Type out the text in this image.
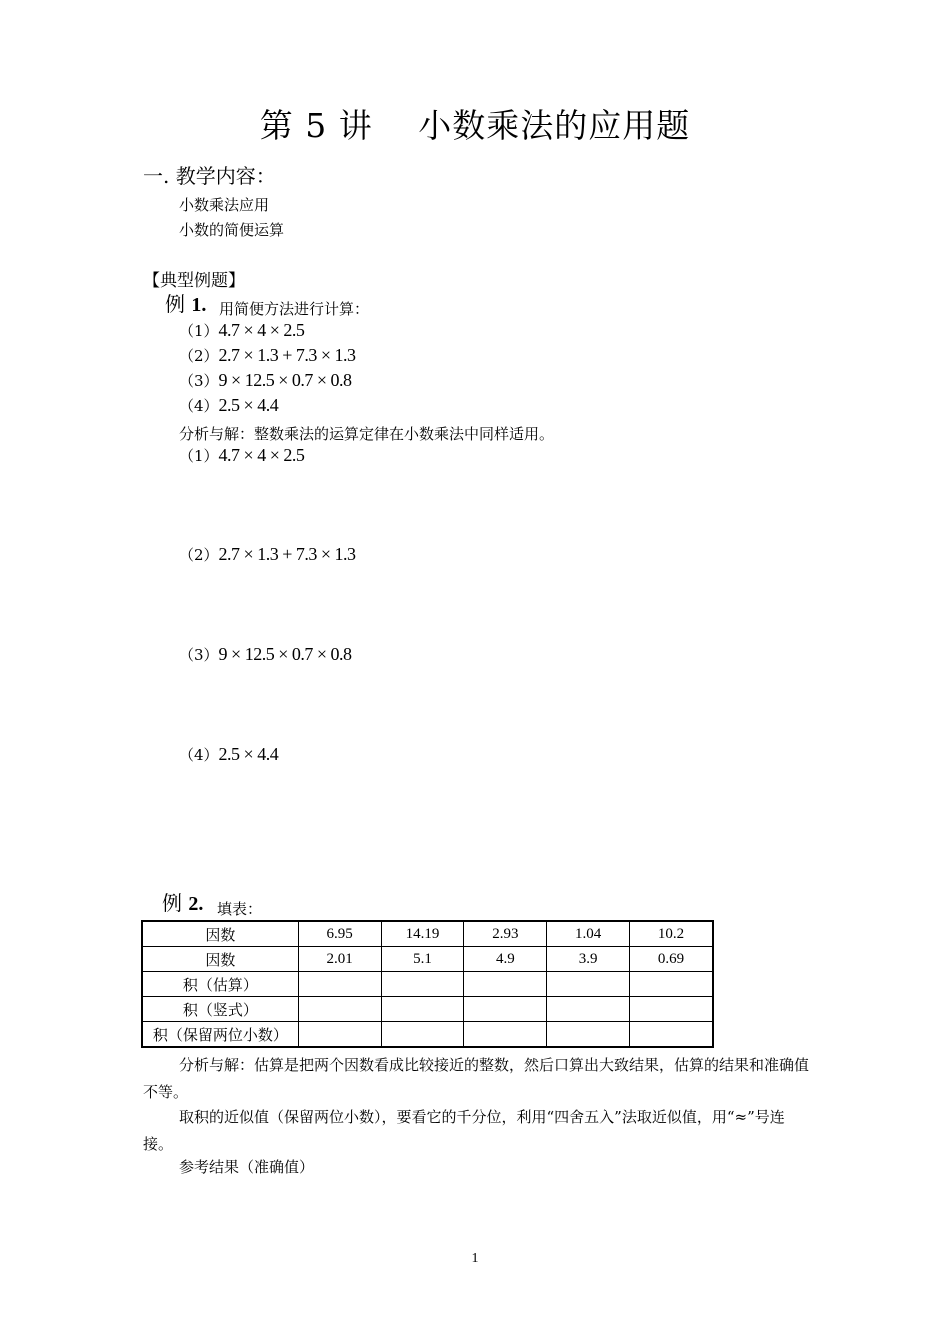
第 5 讲　 小数乘法的应用题
一. 教学内容：
小数乘法应用
小数的简便运算
【典型例题】
例 1. 用简便方法进行计算：
（1）4.7 × 4 × 2.5
（2）2.7 × 1.3 + 7.3 × 1.3
（3）9 × 12.5 × 0.7 × 0.8
（4）2.5 × 4.4
分析与解：整数乘法的运算定律在小数乘法中同样适用。
（1）4.7 × 4 × 2.5
（2）2.7 × 1.3 + 7.3 × 1.3
（3）9 × 12.5 × 0.7 × 0.8
（4）2.5 × 4.4
例 2. 填表：
因数	6.95	14.19	2.93	1.04	10.2
因数	2.01	5.1	4.9	3.9	0.69
积（估算）					
积（竖式）					
积（保留两位小数）					
分析与解：估算是把两个因数看成比较接近的整数，然后口算出大致结果，估算的结果和准确值不等。
取积的近似值（保留两位小数），要看它的千分位，利用“四舍五入”法取近似值，用“≈”号连接。
参考结果（准确值）
1
